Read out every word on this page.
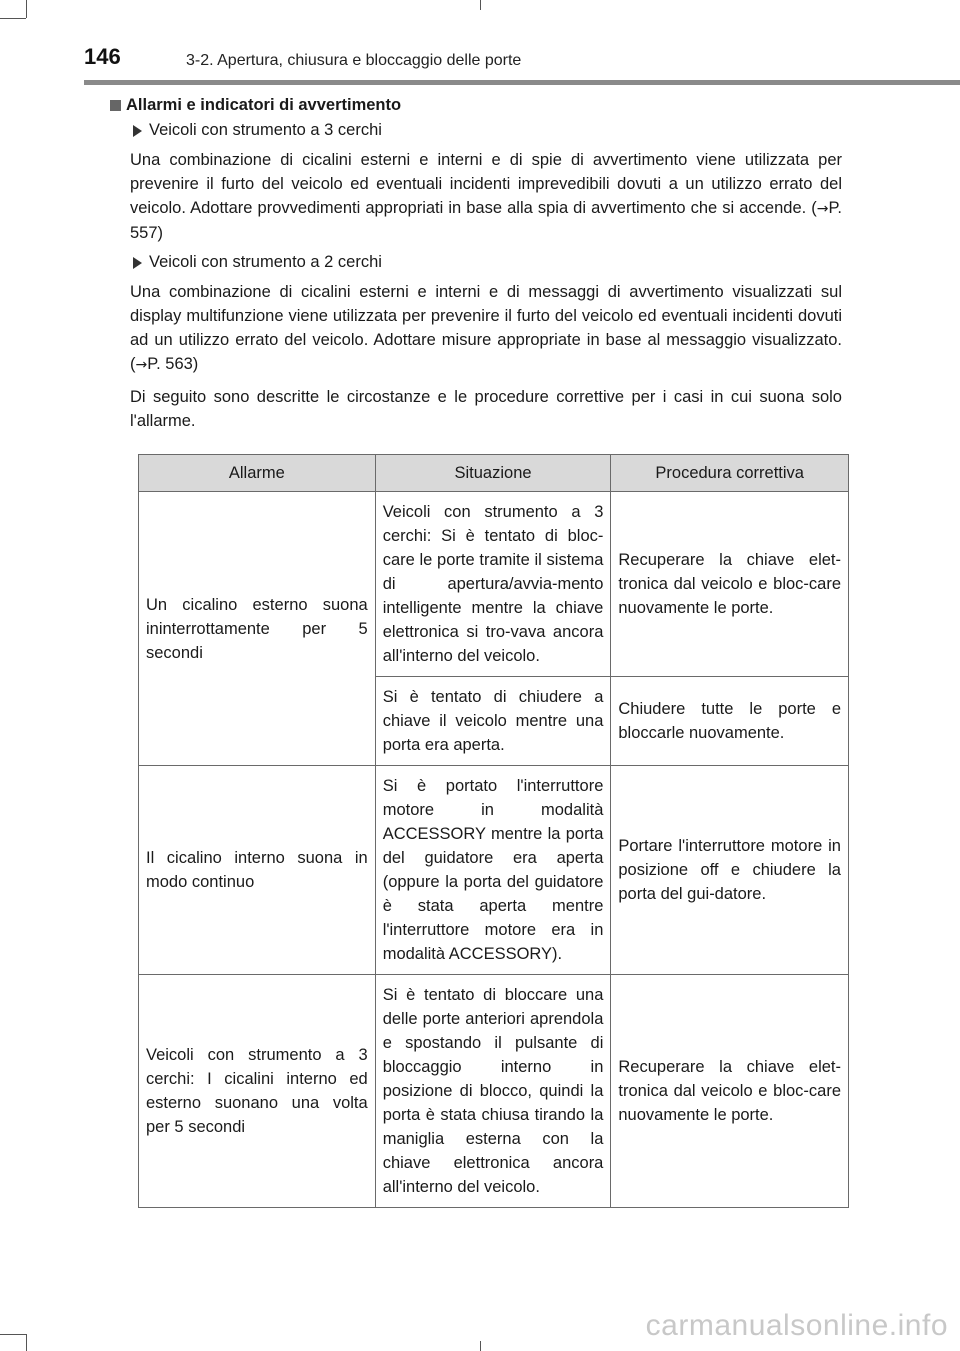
146	3-2. Apertura, chiusura e bloccaggio delle porte
Allarmi e indicatori di avvertimento
Veicoli con strumento a 3 cerchi

Una combinazione di cicalini esterni e interni e di spie di avvertimento viene utilizzata per prevenire il furto del veicolo ed eventuali incidenti imprevedibili dovuti a un utilizzo errato del veicolo. Adottare provvedimenti appropriati in base alla spia di avvertimento che si accende. (→P. 557)

Veicoli con strumento a 2 cerchi

Una combinazione di cicalini esterni e interni e di messaggi di avvertimento visualizzati sul display multifunzione viene utilizzata per prevenire il furto del veicolo ed eventuali incidenti dovuti ad un utilizzo errato del veicolo. Adottare misure appropriate in base al messaggio visualizzato. (→P. 563)

Di seguito sono descritte le circostanze e le procedure correttive per i casi in cui suona solo l'allarme.

Allarme	Situazione	Procedura correttiva
Un cicalino esterno suona ininterrottamente per 5 secondi	Veicoli con strumento a 3 cerchi: Si è tentato di bloc-care le porte tramite il sistema di apertura/avvia-mento intelligente mentre la chiave elettronica si tro-vava ancora all'interno del veicolo.	Recuperare la chiave elet-tronica dal veicolo e bloc-care nuovamente le porte.
	Si è tentato di chiudere a chiave il veicolo mentre una porta era aperta.	Chiudere tutte le porte e bloccarle nuovamente.
Il cicalino interno suona in modo continuo	Si è portato l'interruttore motore in modalità ACCESSORY mentre la porta del guidatore era aperta (oppure la porta del guidatore è stata aperta mentre l'interruttore motore era in modalità ACCESSORY).	Portare l'interruttore motore in posizione off e chiudere la porta del gui-datore.
Veicoli con strumento a 3 cerchi: I cicalini interno ed esterno suonano una volta per 5 secondi	Si è tentato di bloccare una delle porte anteriori aprendola e spostando il pulsante di bloccaggio interno in posizione di blocco, quindi la porta è stata chiusa tirando la maniglia esterna con la chiave elettronica ancora all'interno del veicolo.	Recuperare la chiave elet-tronica dal veicolo e bloc-care nuovamente le porte.
carmanualsonline.info
